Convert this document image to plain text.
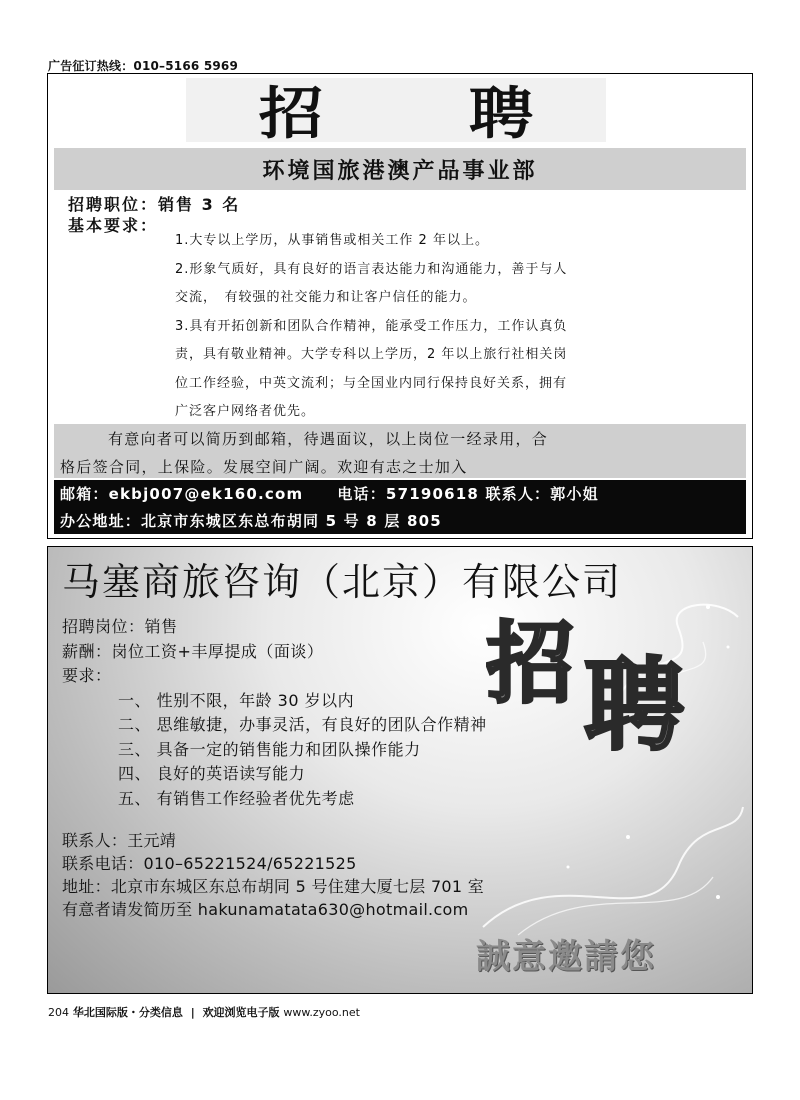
广告征订热线：010–5166 5969
招	聘
环境国旅港澳产品事业部
招聘职位：销售 3 名
基本要求：

1.大专以上学历，从事销售或相关工作 2 年以上。

2.形象气质好，具有良好的语言表达能力和沟通能力，善于与人

交流，　有较强的社交能力和让客户信任的能力。

3.具有开拓创新和团队合作精神，能承受工作压力，工作认真负

责，具有敬业精神。大学专科以上学历，2 年以上旅行社相关岗

位工作经验，中英文流利；与全国业内同行保持良好关系，拥有

广泛客户网络者优先。

有意向者可以简历到邮箱，待遇面议，以上岗位一经录用，合

格后签合同，上保险。发展空间广阔。欢迎有志之士加入

邮箱：ekbj007@ek160.com 电话：57190618 联系人：郭小姐
办公地址：北京市东城区东总布胡同 5 号 8 层 805
马塞商旅咨询（北京）有限公司
招 聘

招聘岗位：销售

薪酬：岗位工资+丰厚提成（面谈）

要求：

一、 性别不限，年龄 30 岁以内

二、 思维敏捷，办事灵活，有良好的团队合作精神

三、 具备一定的销售能力和团队操作能力

四、 良好的英语读写能力

五、 有销售工作经验者优先考虑

联系人：王元靖

联系电话：010–65221524/65221525

地址：北京市东城区东总布胡同 5 号住建大厦七层 701 室

有意者请发简历至 hakunamatata630@hotmail.com

誠意邀請您
204 华北国际版・分类信息 | 欢迎浏览电子版 www.zyoo.net
